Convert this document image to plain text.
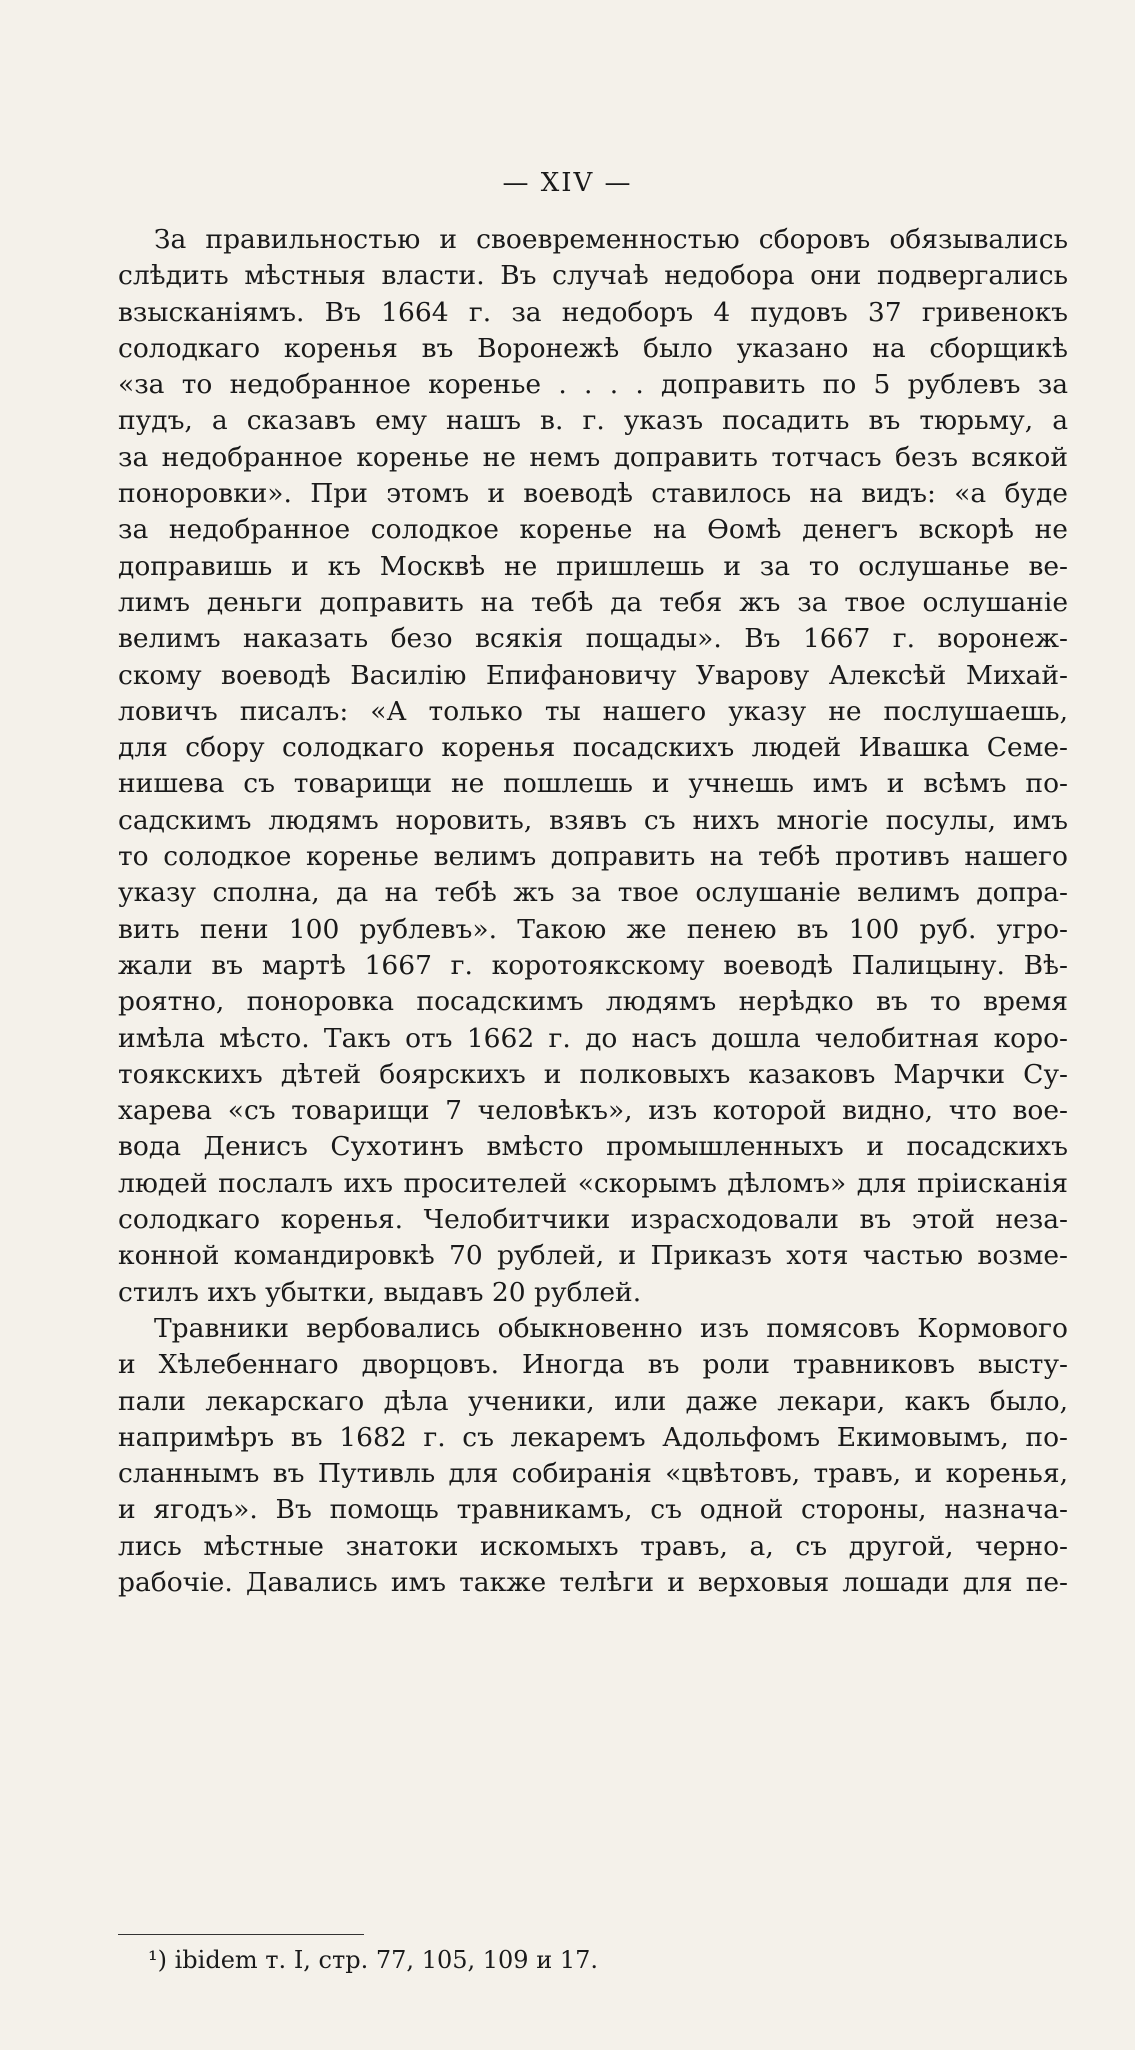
— XIV —
За правильностью и своевременностью сборовъ обязывались
слѣдить мѣстныя власти. Въ случаѣ недобора они подвергались
взысканiямъ. Въ 1664 г. за недоборъ 4 пудовъ 37 гривенокъ
солодкаго коренья въ Воронежѣ было указано на сборщикѣ
«за то недобранное коренье . . . . доправить по 5 рублевъ за
пудъ, а сказавъ ему нашъ в. г. указъ посадить въ тюрьму, а
за недобранное коренье не немъ доправить тотчасъ безъ всякой
поноровки». При этомъ и воеводѣ ставилось на видъ: «а буде
за недобранное солодкое коренье на Ѳомѣ денегъ вскорѣ не
доправишь и къ Москвѣ не пришлешь и за то ослушанье ве-
лимъ деньги доправить на тебѣ да тебя жъ за твое ослушанiе
велимъ наказать безо всякiя пощады». Въ 1667 г. воронеж-
скому воеводѣ Василiю Епифановичу Уварову Алексѣй Михай-
ловичъ писалъ: «А только ты нашего указу не послушаешь,
для сбору солодкаго коренья посадскихъ людей Ивашка Семе-
нишева съ товарищи не пошлешь и учнешь имъ и всѣмъ по-
садскимъ людямъ норовить, взявъ съ нихъ многiе посулы, имъ
то солодкое коренье велимъ доправить на тебѣ противъ нашего
указу сполна, да на тебѣ жъ за твое ослушанiе велимъ допра-
вить пени 100 рублевъ». Такою же пенею въ 100 руб. угро-
жали въ мартѣ 1667 г. коротоякскому воеводѣ Палицыну. Вѣ-
роятно, поноровка посадскимъ людямъ нерѣдко въ то время
имѣла мѣсто. Такъ отъ 1662 г. до насъ дошла челобитная коро-
тоякскихъ дѣтей боярскихъ и полковыхъ казаковъ Марчки Су-
харева «съ товарищи 7 человѣкъ», изъ которой видно, что вое-
вода Денисъ Сухотинъ вмѣсто промышленныхъ и посадскихъ
людей послалъ ихъ просителей «скорымъ дѣломъ» для прiисканiя
солодкаго коренья. Челобитчики израсходовали въ этой неза-
конной командировкѣ 70 рублей, и Приказъ хотя частью возме-
стилъ ихъ убытки, выдавъ 20 рублей.
Травники вербовались обыкновенно изъ помясовъ Кормового
и Хѣлебеннаго дворцовъ. Иногда въ роли травниковъ высту-
пали лекарскаго дѣла ученики, или даже лекари, какъ было,
напримѣръ въ 1682 г. съ лекаремъ Адольфомъ Екимовымъ, по-
сланнымъ въ Путивль для собиранiя «цвѣтовъ, травъ, и коренья,
и ягодъ». Въ помощь травникамъ, съ одной стороны, назнача-
лись мѣстные знатоки искомыхъ травъ, а, съ другой, черно-
рабочiе. Давались имъ также телѣги и верховыя лошади для пе-
¹) ibidem т. I, стр. 77, 105, 109 и 17.
